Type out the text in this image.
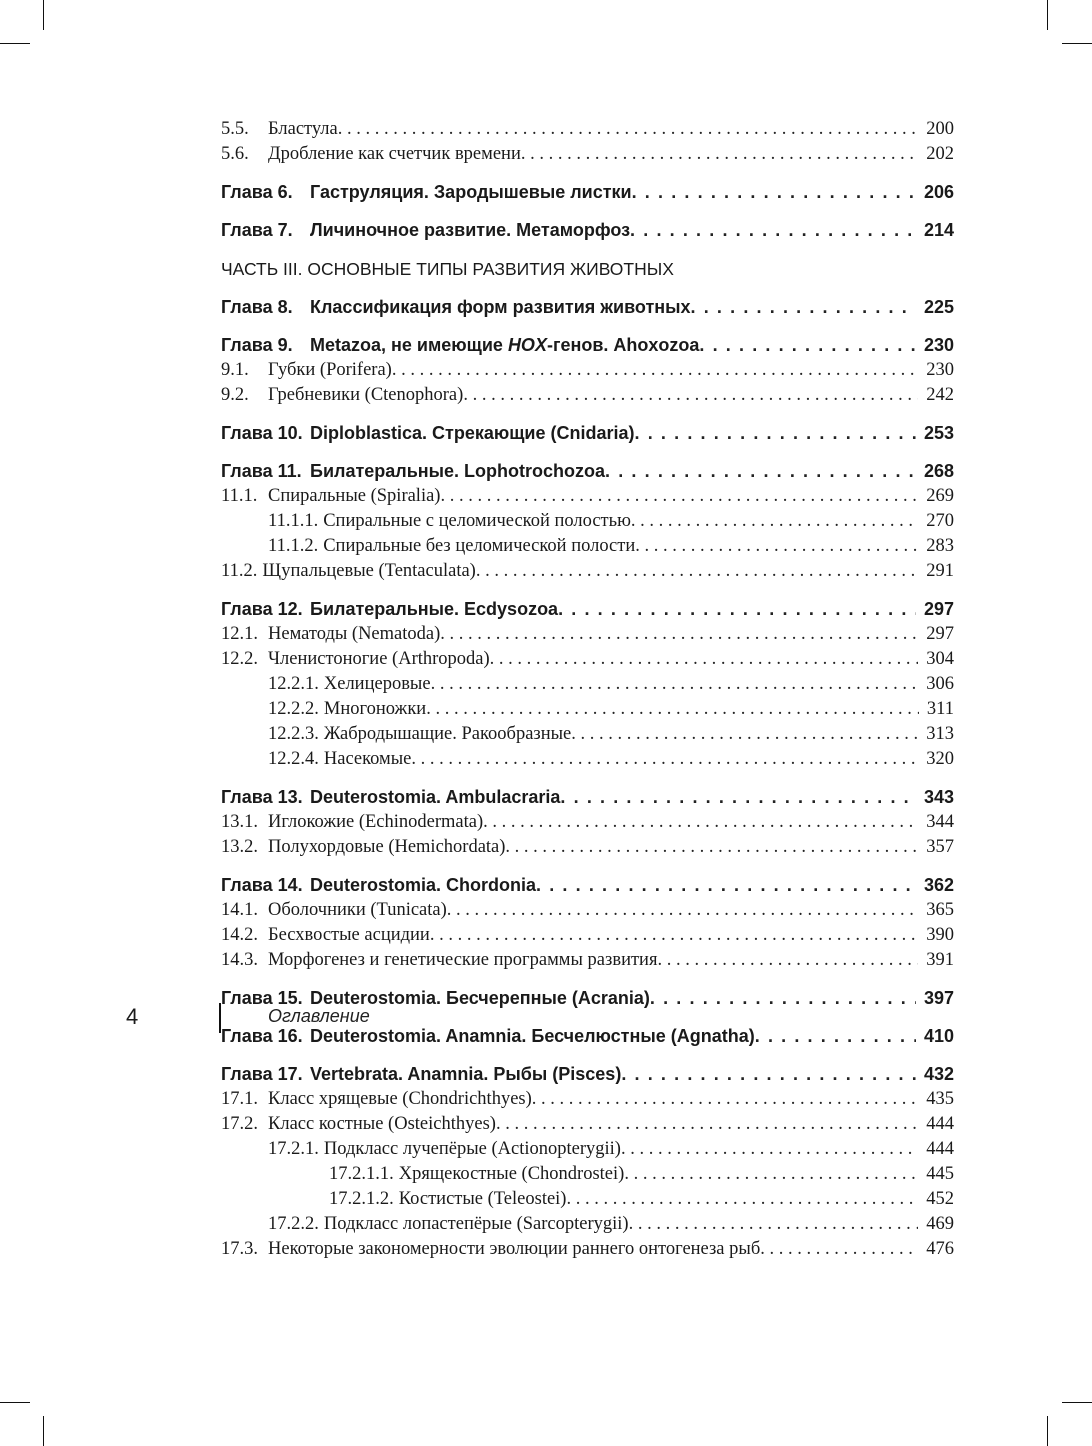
5.5.	Бластула . . .	200
5.6.	Дробление как счетчик времени . . .	202
Глава 6. Гаструляция. Зародышевые листки . . .	206
Глава 7. Личиночное развитие. Метаморфоз . . .	214
ЧАСТЬ III. ОСНОВНЫЕ ТИПЫ РАЗВИТИЯ ЖИВОТНЫХ
Глава 8. Классификация форм развития животных . . .	225
Глава 9. Metazoa, не имеющие HOX-генов. Ahoxozoa . . .	230
9.1.	Губки (Porifera) . . .	230
9.2.	Гребневики (Ctenophora) . . .	242
Глава 10. Diploblastica. Стрекающие (Cnidaria) . . .	253
Глава 11. Билатеральные. Lophotrochozoa . . .	268
11.1. Спиральные (Spiralia) . . .	269
11.1.1. Спиральные с целомической полостью . . .	270
11.1.2. Спиральные без целомической полости . . .	283
11.2. Щупальцевые (Tentaculata) . . .	291
Глава 12. Билатеральные. Ecdysozoa . . .	297
12.1. Нематоды (Nematoda) . . .	297
12.2. Членистоногие (Arthropoda) . . .	304
12.2.1. Хелицеровые . . .	306
12.2.2. Многоножки . . .	311
12.2.3. Жабродышащие. Ракообразные . . .	313
12.2.4. Насекомые . . .	320
Глава 13. Deuterostomia. Ambulacraria . . .	343
13.1. Иглокожие (Echinodermata) . . .	344
13.2. Полухордовые (Hemichordata) . . .	357
Глава 14. Deuterostomia. Chordonia . . .	362
14.1. Оболочники (Tunicata) . . .	365
14.2. Бесхвостые асцидии . . .	390
14.3. Морфогенез и генетические программы развития . . .	391
Глава 15. Deuterostomia. Бесчерепные (Acrania) . . .	397
Глава 16. Deuterostomia. Anamnia. Бесчелюстные (Agnatha) . . .	410
Глава 17. Vertebrata. Anamnia. Рыбы (Pisces) . . .	432
17.1. Класс хрящевые (Chondrichthyes) . . .	435
17.2. Класс костные (Osteichthyes) . . .	444
17.2.1. Подкласс лучепёрые (Actionopterygii) . . .	444
17.2.1.1. Хрящекостные (Chondrostei) . . .	445
17.2.1.2. Костистые (Teleostei) . . .	452
17.2.2. Подкласс лопастепёрые (Sarcopterygii) . . .	469
17.3. Некоторые закономерности эволюции раннего онтогенеза рыб . . .	476
4	Оглавление
